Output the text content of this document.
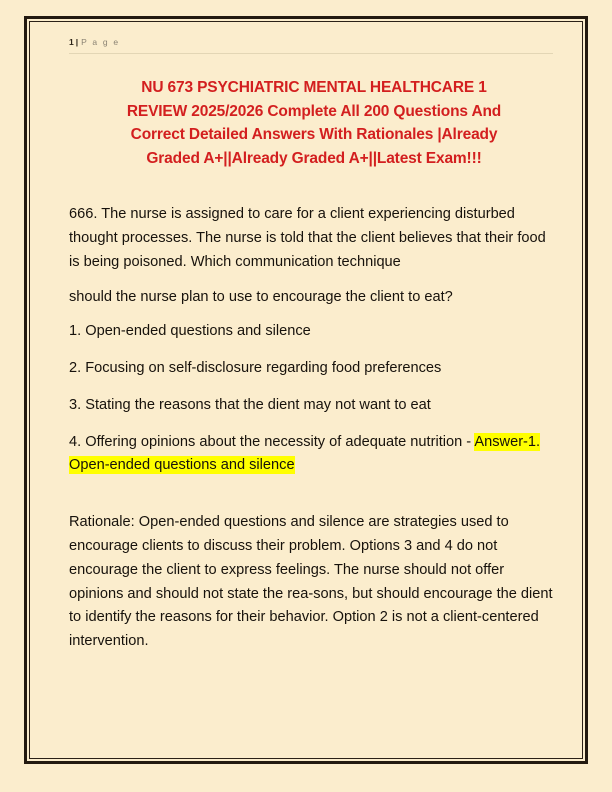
1 | P a g e
NU 673 PSYCHIATRIC MENTAL HEALTHCARE 1
REVIEW 2025/2026 Complete All 200 Questions And
Correct Detailed Answers With Rationales |Already
Graded A+||Already Graded A+||Latest Exam!!!

666. The nurse is assigned to care for a client experiencing disturbed thought processes. The nurse is told that the client believes that their food is being poisoned. Which communication technique

should the nurse plan to use to encourage the client to eat?

1. Open-ended questions and silence

2. Focusing on self-disclosure regarding food preferences

3. Stating the reasons that the dient may not want to eat

4. Offering opinions about the necessity of adequate nutrition - Answer-1. Open-ended questions and silence

Rationale: Open-ended questions and silence are strategies used to encourage clients to discuss their problem. Options 3 and 4 do not encourage the client to express feelings. The nurse should not offer opinions and should not state the rea-sons, but should encourage the dient to identify the reasons for their behavior. Option 2 is not a client-centered intervention.
